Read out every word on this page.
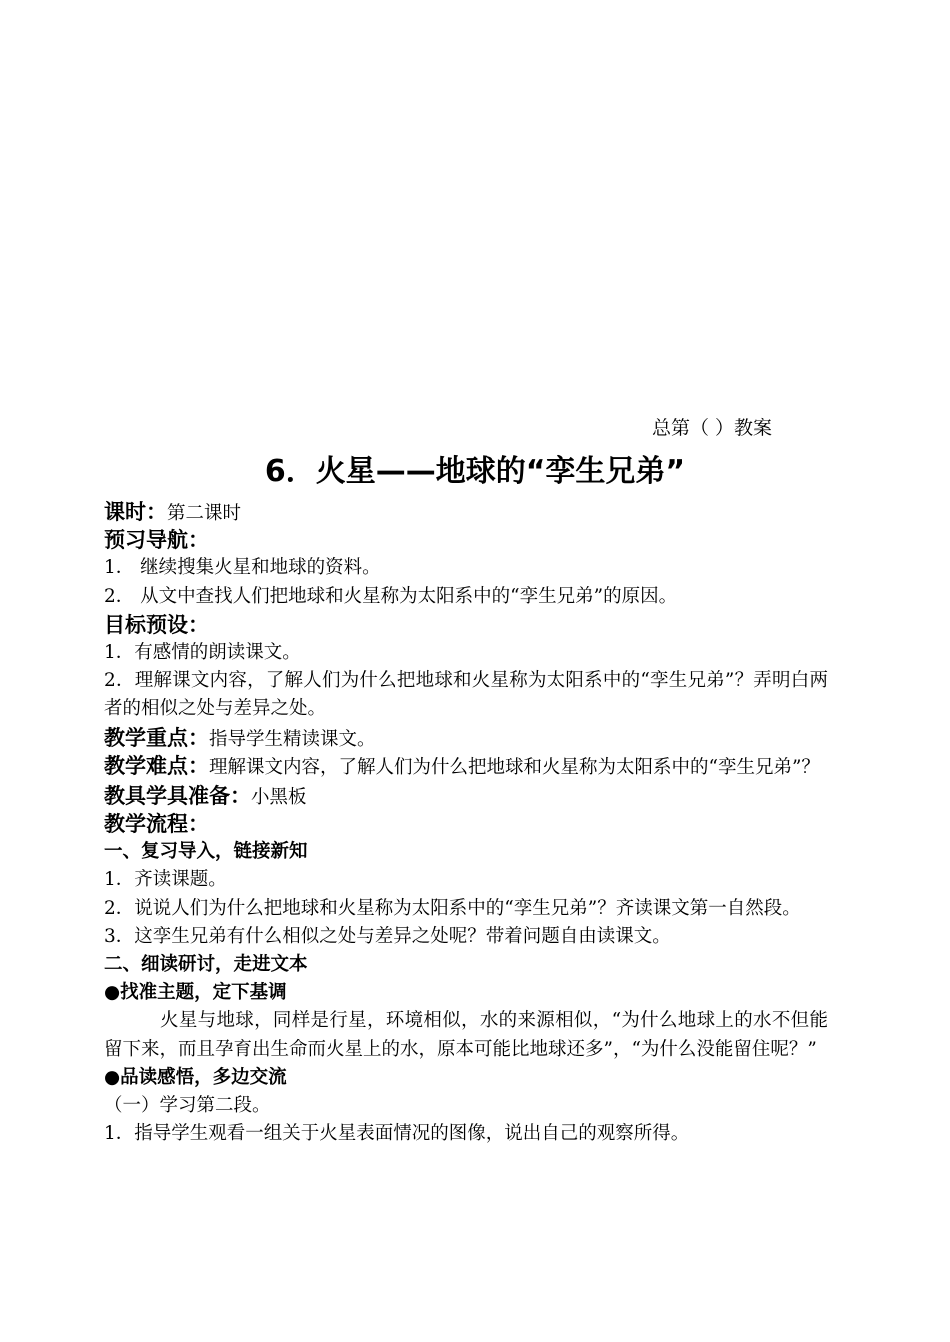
总第（ ）教案
6．火星——地球的“孪生兄弟”
课时：第二课时
预习导航：
1． 继续搜集火星和地球的资料。
2． 从文中查找人们把地球和火星称为太阳系中的“孪生兄弟”的原因。
目标预设：
1．有感情的朗读课文。
2．理解课文内容，了解人们为什么把地球和火星称为太阳系中的“孪生兄弟”？弄明白两者的相似之处与差异之处。
教学重点：指导学生精读课文。
教学难点：理解课文内容，了解人们为什么把地球和火星称为太阳系中的“孪生兄弟”？
教具学具准备：小黑板
教学流程：
一、复习导入，链接新知
1．齐读课题。
2．说说人们为什么把地球和火星称为太阳系中的“孪生兄弟”？齐读课文第一自然段。
3．这孪生兄弟有什么相似之处与差异之处呢？带着问题自由读课文。
二、细读研讨，走进文本
●找准主题，定下基调
火星与地球，同样是行星，环境相似，水的来源相似，“为什么地球上的水不但能留下来，而且孕育出生命而火星上的水，原本可能比地球还多”，“为什么没能留住呢？”
●品读感悟，多边交流
（一）学习第二段。
1．指导学生观看一组关于火星表面情况的图像，说出自己的观察所得。
